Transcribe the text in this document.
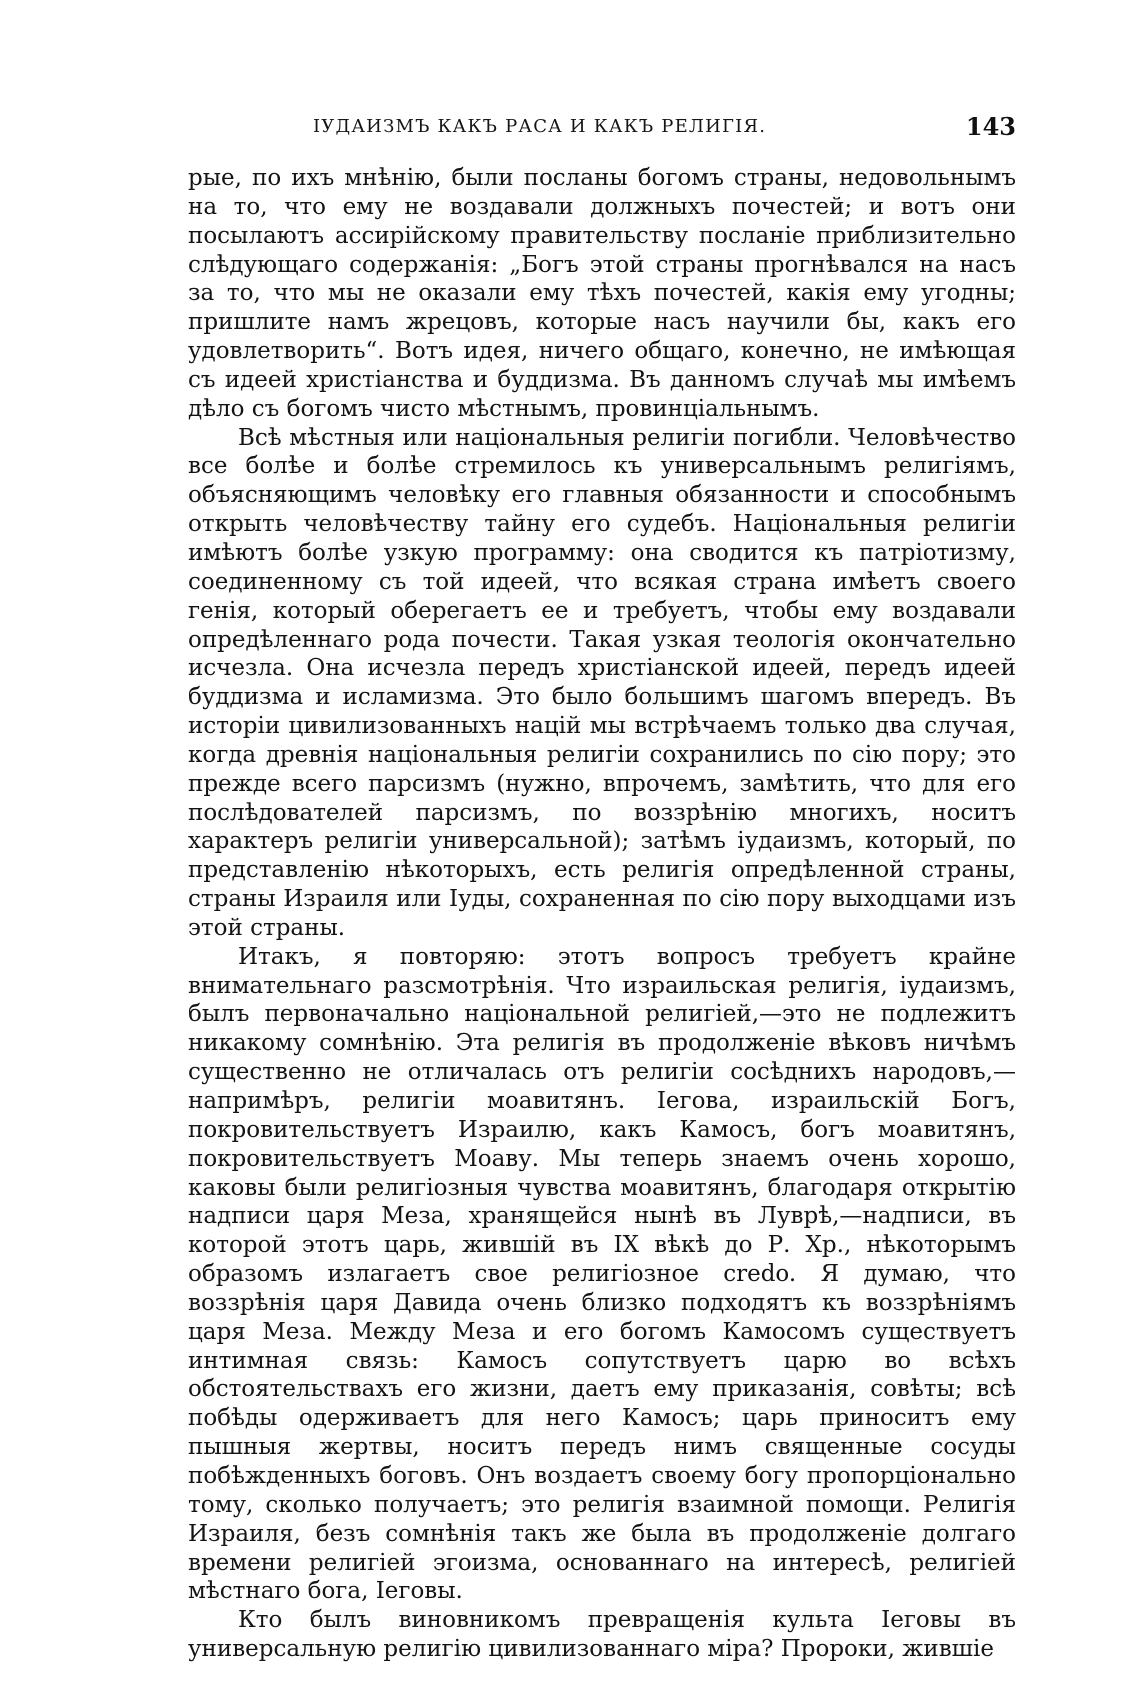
ІУДАИЗМЪ КАКЪ РАСА И КАКЪ РЕЛИГІЯ.	143

рые, по ихъ мнѣнію, были посланы богомъ страны, недовольнымъ на то, что ему не воздавали должныхъ почестей; и вотъ они посылаютъ ассирійскому правительству посланіе приблизительно слѣдующаго содержанія: „Богъ этой страны прогнѣвался на насъ за то, что мы не оказали ему тѣхъ почестей, какія ему угодны; пришлите намъ жрецовъ, которые насъ научили бы, какъ его удовлетворить“. Вотъ идея, ничего общаго, конечно, не имѣющая съ идеей христіанства и буддизма. Въ данномъ случаѣ мы имѣемъ дѣло съ богомъ чисто мѣстнымъ, провинціальнымъ.

Всѣ мѣстныя или національныя религіи погибли. Человѣчество все болѣе и болѣе стремилось къ универсальнымъ религіямъ, объясняющимъ человѣку его главныя обязанности и способнымъ открыть человѣчеству тайну его судебъ. Національныя религіи имѣютъ болѣе узкую программу: она сводится къ патріотизму, соединенному съ той идеей, что всякая страна имѣетъ своего генія, который оберегаетъ ее и требуетъ, чтобы ему воздавали опредѣленнаго рода почести. Такая узкая теологія окончательно исчезла. Она исчезла передъ христіанской идеей, передъ идеей буддизма и исламизма. Это было большимъ шагомъ впередъ. Въ исторіи цивилизованныхъ націй мы встрѣчаемъ только два случая, когда древнія національныя религіи сохранились по сію пору; это прежде всего парсизмъ (нужно, впрочемъ, замѣтить, что для его послѣдователей парсизмъ, по воззрѣнію многихъ, носитъ характеръ религіи универсальной); затѣмъ іудаизмъ, который, по представленію нѣкоторыхъ, есть религія опредѣленной страны, страны Израиля или Іуды, сохраненная по сію пору выходцами изъ этой страны.

Итакъ, я повторяю: этотъ вопросъ требуетъ крайне внимательнаго разсмотрѣнія. Что израильская религія, іудаизмъ, былъ первоначально національной религіей,—это не подлежитъ никакому сомнѣнію. Эта религія въ продолженіе вѣковъ ничѣмъ существенно не отличалась отъ религіи сосѣднихъ народовъ,—напримѣръ, религіи моавитянъ. Іегова, израильскій Богъ, покровительствуетъ Израилю, какъ Камосъ, богъ моавитянъ, покровительствуетъ Моаву. Мы теперь знаемъ очень хорошо, каковы были религіозныя чувства моавитянъ, благодаря открытію надписи царя Меза, хранящейся нынѣ въ Луврѣ,—надписи, въ которой этотъ царь, жившій въ IX вѣкѣ до Р. Хр., нѣкоторымъ образомъ излагаетъ свое религіозное credo. Я думаю, что воззрѣнія царя Давида очень близко подходятъ къ воззрѣніямъ царя Меза. Между Меза и его богомъ Камосомъ существуетъ интимная связь: Камосъ сопутствуетъ царю во всѣхъ обстоятельствахъ его жизни, даетъ ему приказанія, совѣты; всѣ побѣды одерживаетъ для него Камосъ; царь приноситъ ему пышныя жертвы, носитъ передъ нимъ священные сосуды побѣжденныхъ боговъ. Онъ воздаетъ своему богу пропорціонально тому, сколько получаетъ; это религія взаимной помощи. Религія Израиля, безъ сомнѣнія такъ же была въ продолженіе долгаго времени религіей эгоизма, основаннаго на интересѣ, религіей мѣстнаго бога, Іеговы.

Кто былъ виновникомъ превращенія культа Іеговы въ универсальную религію цивилизованнаго міра? Пророки, жившіе
